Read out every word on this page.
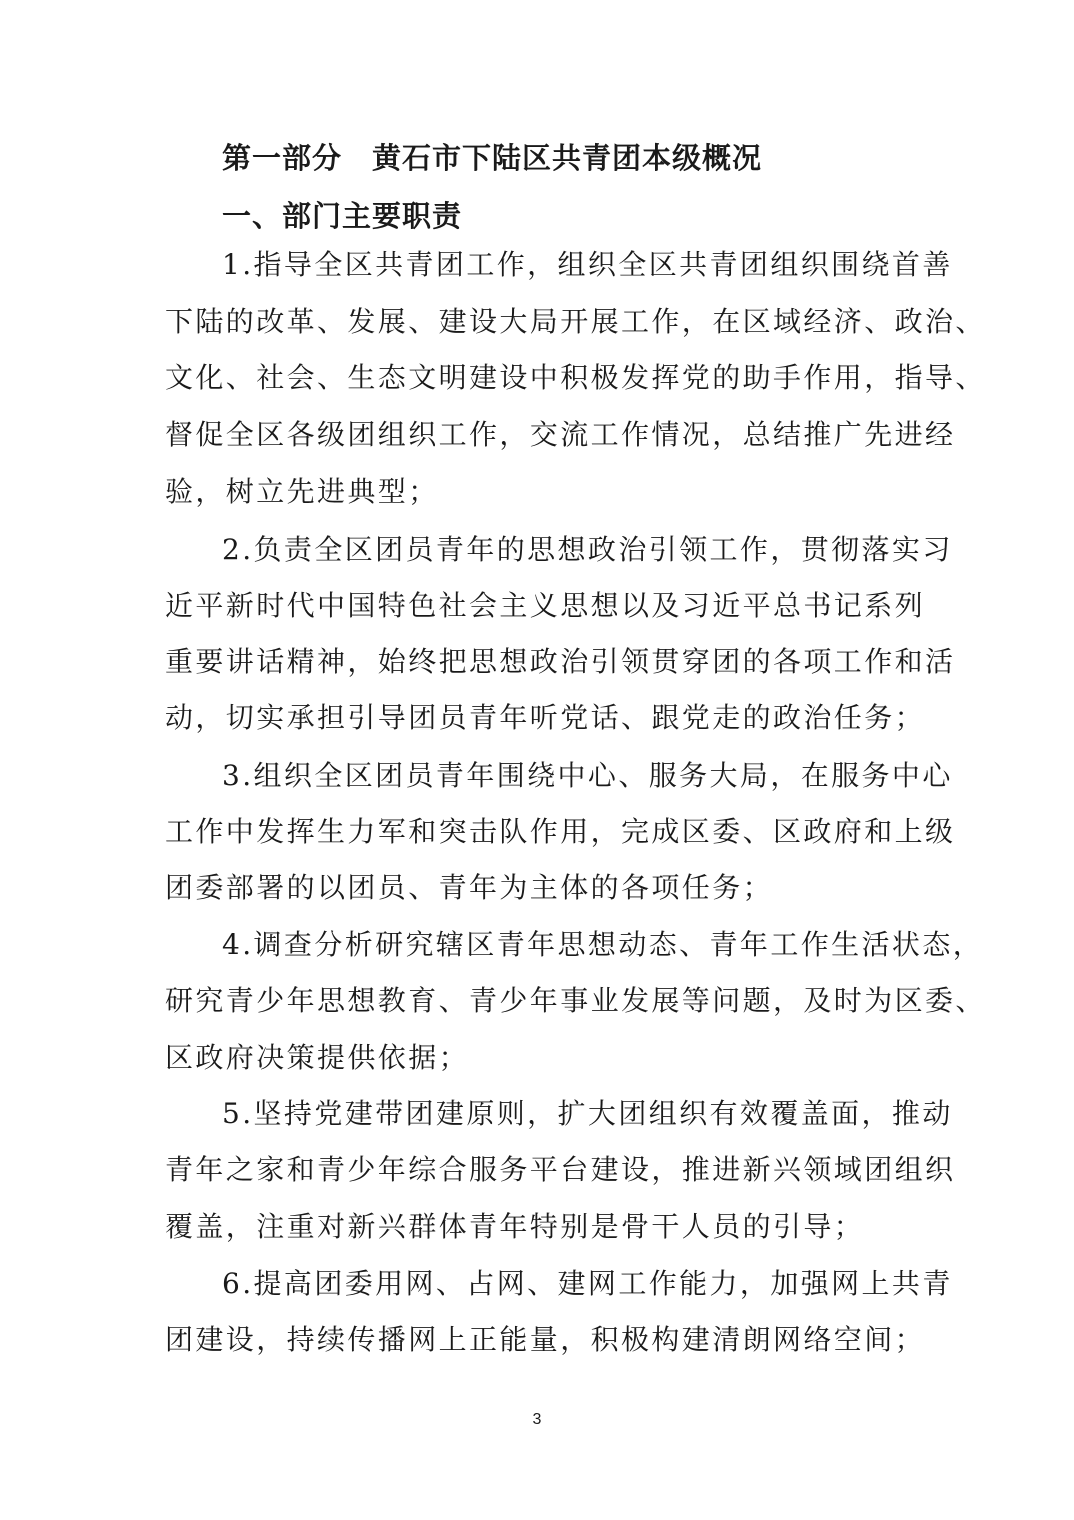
第一部分　黄石市下陆区共青团本级概况
一、部门主要职责
1.指导全区共青团工作，组织全区共青团组织围绕首善
下陆的改革、发展、建设大局开展工作，在区域经济、政治、
文化、社会、生态文明建设中积极发挥党的助手作用，指导、
督促全区各级团组织工作，交流工作情况，总结推广先进经
验，树立先进典型；
2.负责全区团员青年的思想政治引领工作，贯彻落实习
近平新时代中国特色社会主义思想以及习近平总书记系列
重要讲话精神，始终把思想政治引领贯穿团的各项工作和活
动，切实承担引导团员青年听党话、跟党走的政治任务；
3.组织全区团员青年围绕中心、服务大局，在服务中心
工作中发挥生力军和突击队作用，完成区委、区政府和上级
团委部署的以团员、青年为主体的各项任务；
4.调查分析研究辖区青年思想动态、青年工作生活状态，
研究青少年思想教育、青少年事业发展等问题，及时为区委、
区政府决策提供依据；
5.坚持党建带团建原则，扩大团组织有效覆盖面，推动
青年之家和青少年综合服务平台建设，推进新兴领域团组织
覆盖，注重对新兴群体青年特别是骨干人员的引导；
6.提高团委用网、占网、建网工作能力，加强网上共青
团建设，持续传播网上正能量，积极构建清朗网络空间；
3
